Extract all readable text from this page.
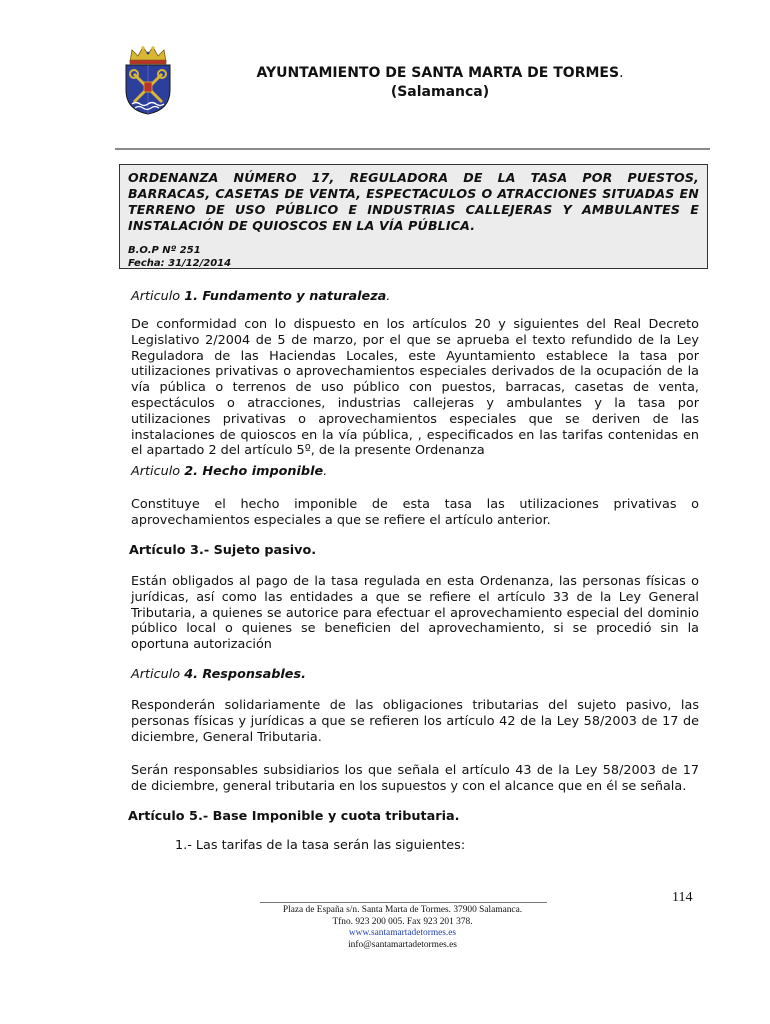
AYUNTAMIENTO DE SANTA MARTA DE TORMES.
(Salamanca)
ORDENANZA NÚMERO 17, REGULADORA DE LA TASA POR PUESTOS, BARRACAS, CASETAS DE VENTA, ESPECTACULOS O ATRACCIONES SITUADAS EN TERRENO DE USO PÚBLICO E INDUSTRIAS CALLEJERAS Y AMBULANTES E INSTALACIÓN DE QUIOSCOS EN LA VÍA PÚBLICA.
B.O.P Nº 251
Fecha: 31/12/2014
Articulo 1. Fundamento y naturaleza.
De conformidad con lo dispuesto en los artículos 20 y siguientes del Real Decreto Legislativo 2/2004 de 5 de marzo, por el que se aprueba el texto refundido de la Ley Reguladora de las Haciendas Locales, este Ayuntamiento establece la tasa por utilizaciones privativas o aprovechamientos especiales derivados de la ocupación de la vía pública o terrenos de uso público con puestos, barracas, casetas de venta, espectáculos o atracciones, industrias callejeras y ambulantes y la tasa por utilizaciones privativas o aprovechamientos especiales que se deriven de las instalaciones de quioscos en la vía pública, , especificados en las tarifas contenidas en el apartado 2 del artículo 5º, de la presente Ordenanza
Articulo 2. Hecho imponible.
Constituye el hecho imponible de esta tasa las utilizaciones privativas o aprovechamientos especiales a que se refiere el artículo anterior.
Artículo 3.- Sujeto pasivo.
Están obligados al pago de la tasa regulada en esta Ordenanza, las personas físicas o jurídicas, así como las entidades a que se refiere el artículo 33 de la Ley General Tributaria, a quienes se autorice para efectuar el aprovechamiento especial del dominio público local o quienes se beneficien del aprovechamiento, si se procedió sin la oportuna autorización
Articulo 4. Responsables.
Responderán solidariamente de las obligaciones tributarias del sujeto pasivo, las personas físicas y jurídicas a que se refieren los artículo 42 de la Ley 58/2003 de 17 de diciembre, General Tributaria.
Serán responsables subsidiarios los que señala el artículo 43 de la Ley 58/2003 de 17 de diciembre, general tributaria en los supuestos y con el alcance que en él se señala.
Artículo 5.- Base Imponible y cuota tributaria.
1.- Las tarifas de la tasa serán las siguientes:
114
Plaza de España s/n. Santa Marta de Tormes. 37900 Salamanca.
Tfno. 923 200 005. Fax 923 201 378.
www.santamartadetormes.es
info@santamartadetormes.es
